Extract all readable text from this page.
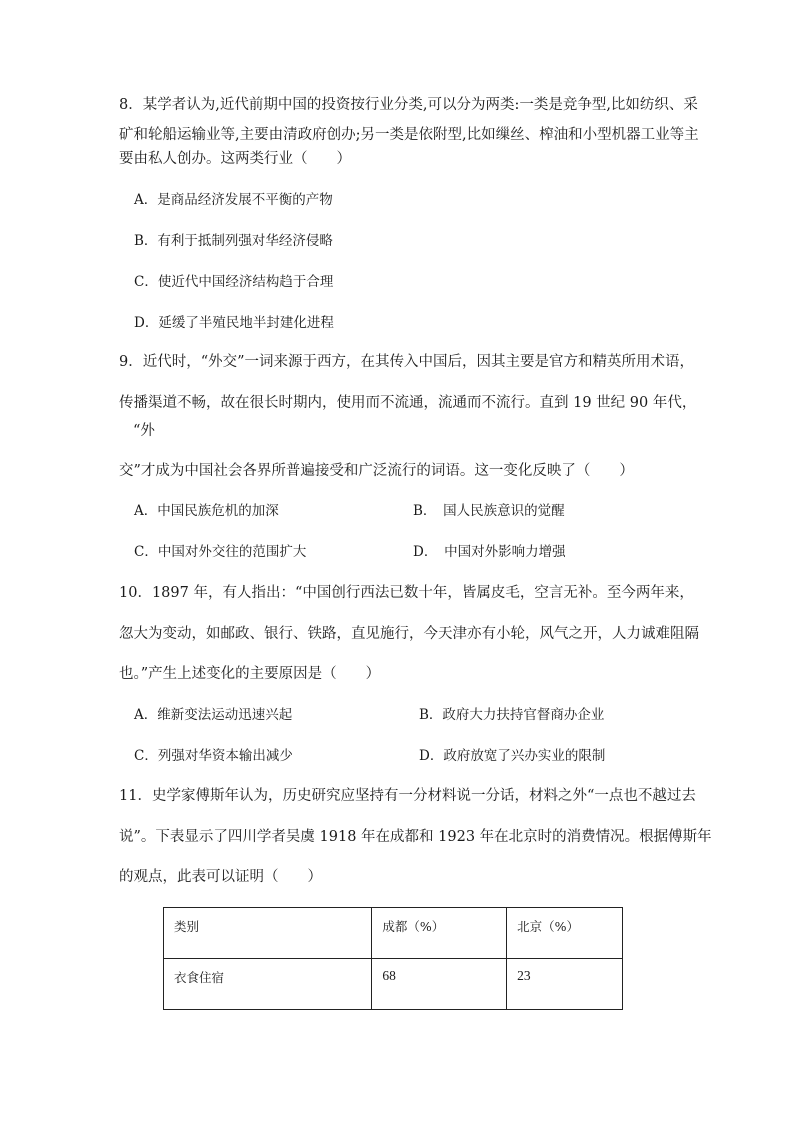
8．某学者认为,近代前期中国的投资按行业分类,可以分为两类:一类是竞争型,比如纺织、采
矿和轮船运输业等,主要由清政府创办;另一类是依附型,比如缫丝、榨油和小型机器工业等主
要由私人创办。这两类行业（　　）
A．是商品经济发展不平衡的产物
B．有利于抵制列强对华经济侵略
C．使近代中国经济结构趋于合理
D．延缓了半殖民地半封建化进程
9．近代时，“外交”一词来源于西方，在其传入中国后，因其主要是官方和精英所用术语，
传播渠道不畅，故在很长时期内，使用而不流通，流通而不流行。直到 19 世纪 90 年代，
“外
交”才成为中国社会各界所普遍接受和广泛流行的词语。这一变化反映了（　　）
A．中国民族危机的加深	B．　国人民族意识的觉醒
C．中国对外交往的范围扩大	D．　中国对外影响力增强
10．1897 年，有人指出：“中国创行西法已数十年，皆属皮毛，空言无补。至今两年来，
忽大为变动，如邮政、银行、铁路，直见施行，今天津亦有小轮，风气之开，人力诚难阻隔
也。”产生上述变化的主要原因是（　　）
A．维新变法运动迅速兴起	B．政府大力扶持官督商办企业
C．列强对华资本输出减少	D．政府放宽了兴办实业的限制
11．史学家傅斯年认为，历史研究应坚持有一分材料说一分话，材料之外“一点也不越过去
说”。下表显示了四川学者吴虞 1918 年在成都和 1923 年在北京时的消费情况。根据傅斯年
的观点，此表可以证明（　　）
类别	成都（%）	北京（%）
衣食住宿	68	23
